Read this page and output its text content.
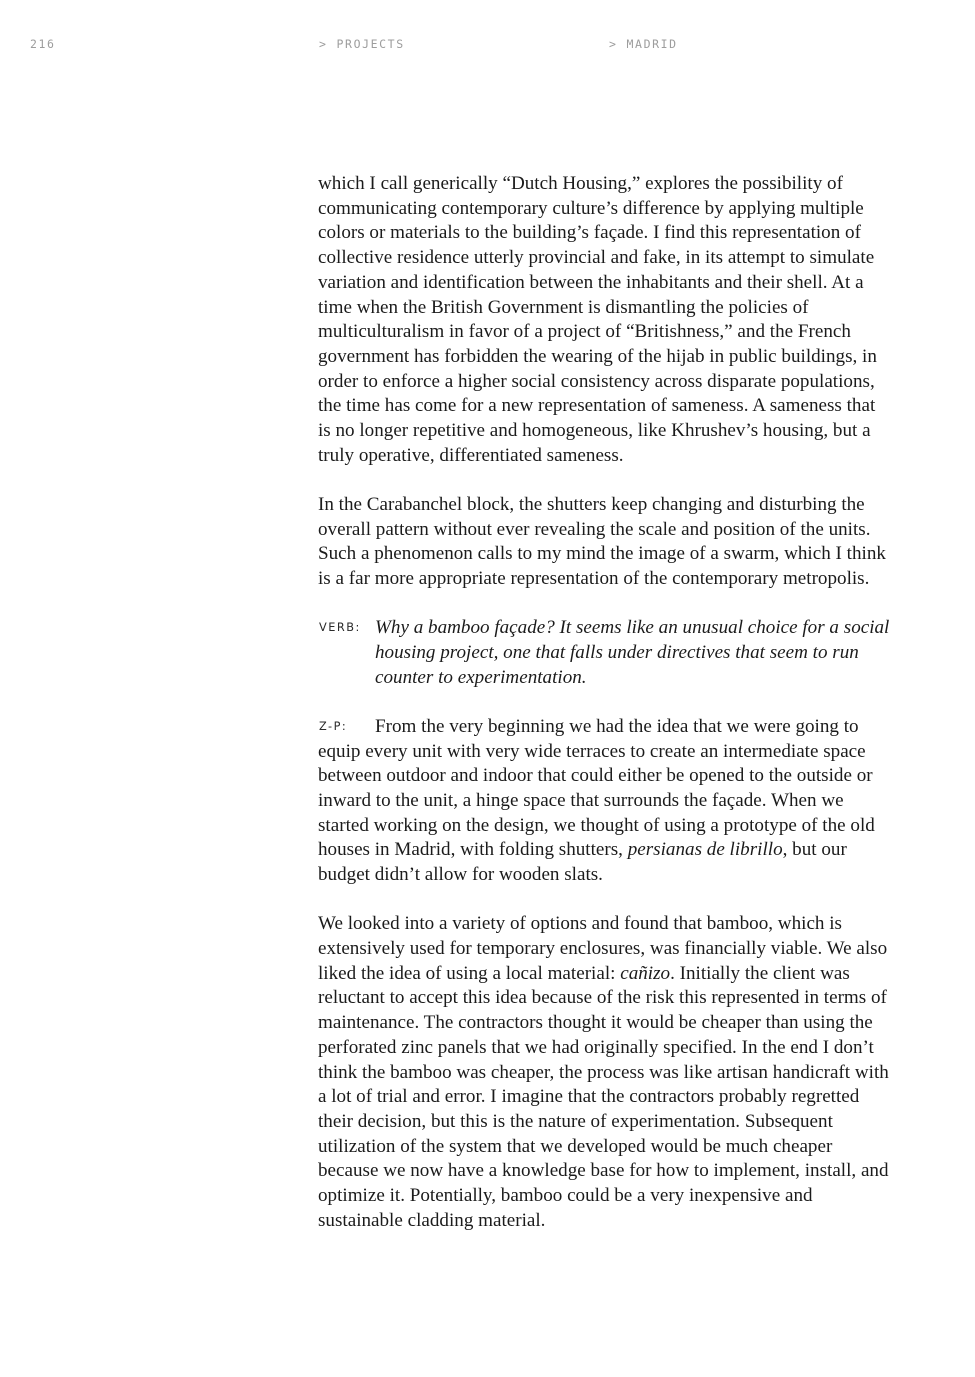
216	> PROJECTS	> MADRID

which I call generically “Dutch Housing,” explores the possibility of communicating contemporary culture’s difference by applying multiple colors or materials to the building’s façade. I find this representation of collective residence utterly provincial and fake, in its attempt to simulate variation and identification between the inhabitants and their shell. At a time when the British Government is dismantling the policies of multiculturalism in favor of a project of “Britishness,” and the French government has forbidden the wearing of the hijab in public buildings, in order to enforce a higher social consistency across disparate populations, the time has come for a new representation of sameness. A sameness that is no longer repetitive and homogeneous, like Khrushev’s housing, but a truly operative, differentiated sameness.

In the Carabanchel block, the shutters keep changing and disturbing the overall pattern without ever revealing the scale and position of the units. Such a phenomenon calls to my mind the image of a swarm, which I think is a far more appropriate representation of the contemporary metropolis.

VERB: Why a bamboo façade? It seems like an unusual choice for a social housing project, one that falls under directives that seem to run counter to experimentation.

Z-P:	From the very beginning we had the idea that we were going to equip every unit with very wide terraces to create an intermediate space between outdoor and indoor that could either be opened to the outside or inward to the unit, a hinge space that surrounds the façade. When we started working on the design, we thought of using a prototype of the old houses in Madrid, with folding shutters, persianas de librillo, but our budget didn’t allow for wooden slats.

We looked into a variety of options and found that bamboo, which is extensively used for temporary enclosures, was financially viable. We also liked the idea of using a local material: cañizo. Initially the client was reluctant to accept this idea because of the risk this represented in terms of maintenance. The contractors thought it would be cheaper than using the perforated zinc panels that we had originally specified. In the end I don’t think the bamboo was cheaper, the process was like artisan handicraft with a lot of trial and error. I imagine that the contractors probably regretted their decision, but this is the nature of experimentation. Subsequent utilization of the system that we developed would be much cheaper because we now have a knowledge base for how to implement, install, and optimize it. Potentially, bamboo could be a very inexpensive and sustainable cladding material.
